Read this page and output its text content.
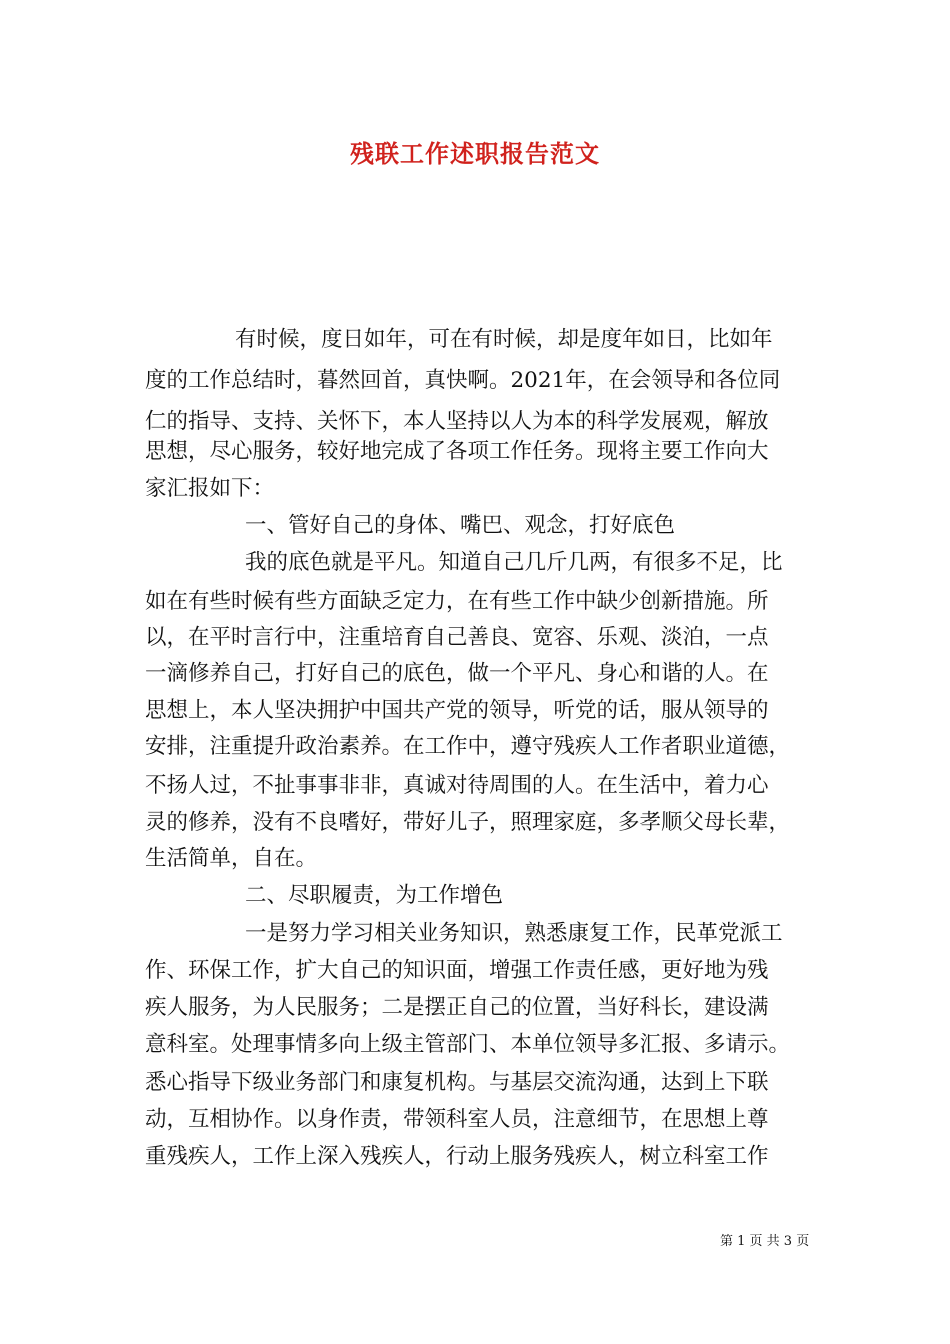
残联工作述职报告范文
有时候，度日如年，可在有时候，却是度年如日，比如年
度的工作总结时，暮然回首，真快啊。2021年，在会领导和各位同
仁的指导、支持、关怀下，本人坚持以人为本的科学发展观，解放
思想，尽心服务，较好地完成了各项工作任务。现将主要工作向大
家汇报如下：
一、管好自己的身体、嘴巴、观念，打好底色
我的底色就是平凡。知道自己几斤几两，有很多不足，比
如在有些时候有些方面缺乏定力，在有些工作中缺少创新措施。所
以，在平时言行中，注重培育自己善良、宽容、乐观、淡泊，一点
一滴修养自己，打好自己的底色，做一个平凡、身心和谐的人。在
思想上，本人坚决拥护中国共产党的领导，听党的话，服从领导的
安排，注重提升政治素养。在工作中，遵守残疾人工作者职业道德，
不扬人过，不扯事事非非，真诚对待周围的人。在生活中，着力心
灵的修养，没有不良嗜好，带好儿子，照理家庭，多孝顺父母长辈，
生活简单，自在。
二、尽职履责，为工作增色
一是努力学习相关业务知识，熟悉康复工作，民革党派工
作、环保工作，扩大自己的知识面，增强工作责任感，更好地为残
疾人服务，为人民服务；二是摆正自己的位置，当好科长，建设满
意科室。处理事情多向上级主管部门、本单位领导多汇报、多请示。
悉心指导下级业务部门和康复机构。与基层交流沟通，达到上下联
动，互相协作。以身作责，带领科室人员，注意细节，在思想上尊
重残疾人，工作上深入残疾人，行动上服务残疾人，树立科室工作
第 1 页 共 3 页
